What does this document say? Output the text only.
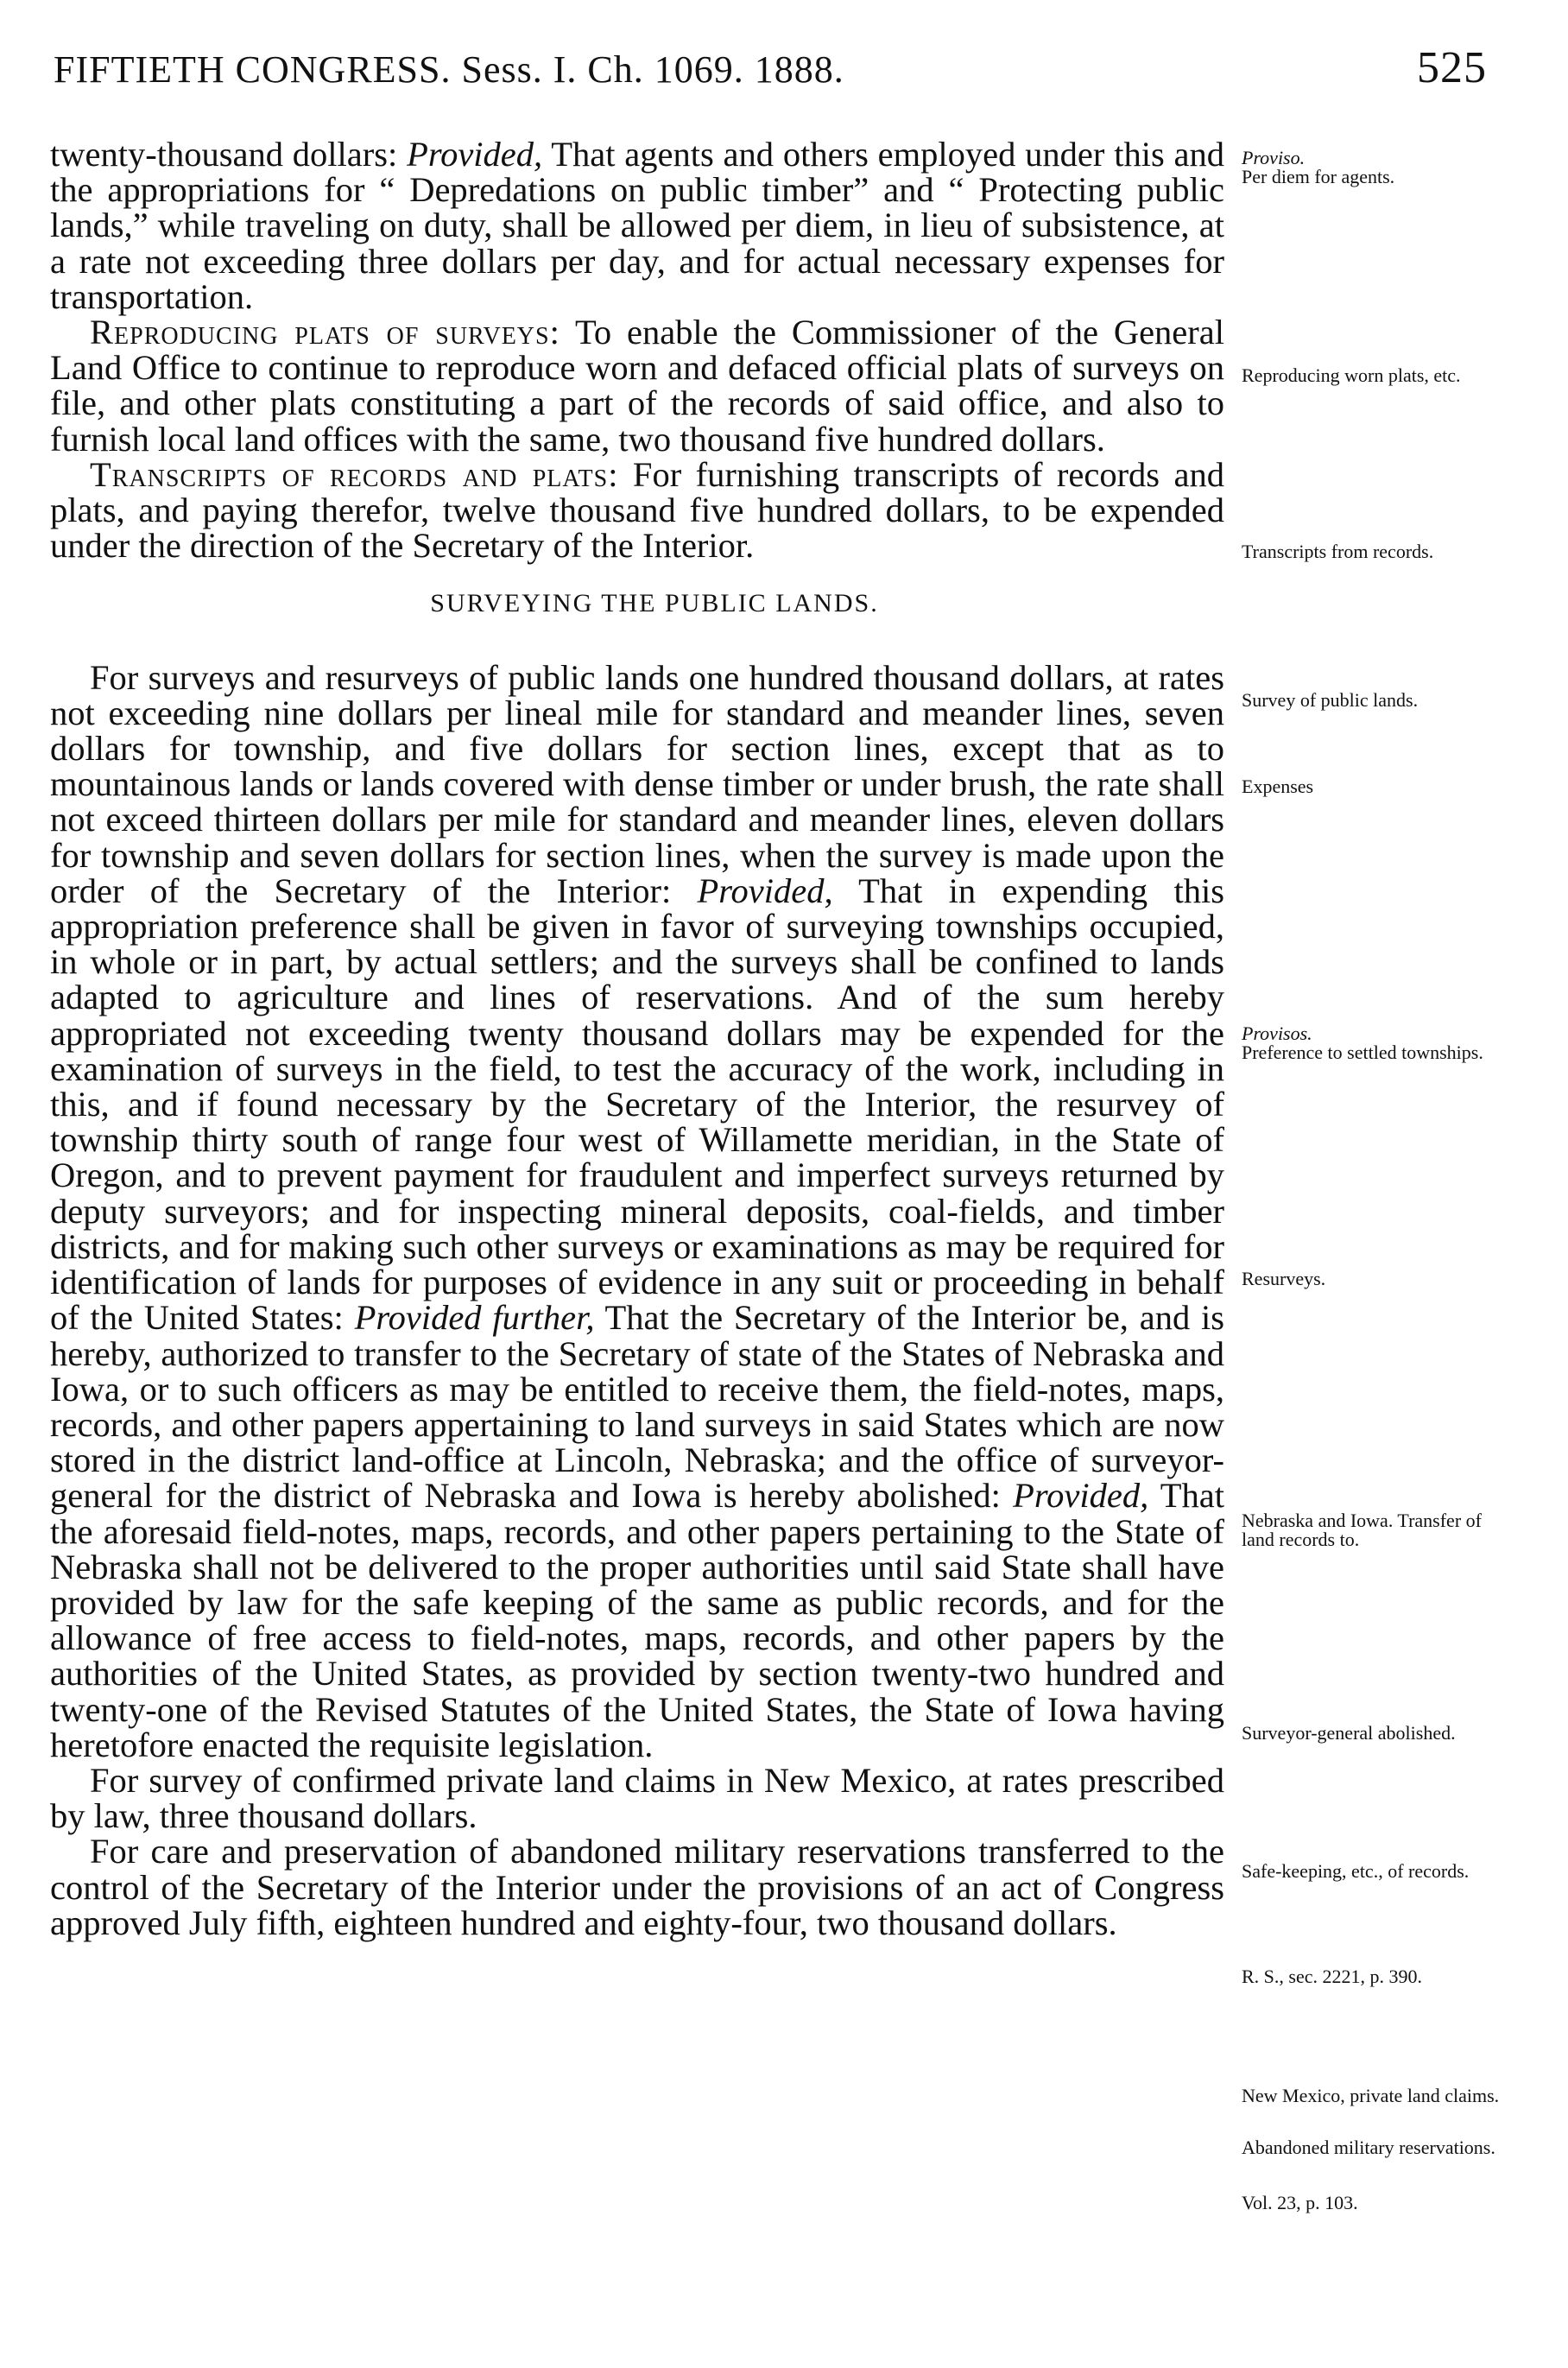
FIFTIETH CONGRESS. Sess. I. Ch. 1069. 1888.	525

twenty-thousand dollars: Provided, That agents and others employed under this and the appropriations for “ Depredations on public timber” and “ Protecting public lands,” while traveling on duty, shall be allowed per diem, in lieu of subsistence, at a rate not exceeding three dollars per day, and for actual necessary expenses for transportation.

Reproducing plats of surveys: To enable the Commissioner of the General Land Office to continue to reproduce worn and defaced official plats of surveys on file, and other plats constituting a part of the records of said office, and also to furnish local land offices with the same, two thousand five hundred dollars.

Transcripts of records and plats: For furnishing transcripts of records and plats, and paying therefor, twelve thousand five hundred dollars, to be expended under the direction of the Secretary of the Interior.

SURVEYING THE PUBLIC LANDS.

For surveys and resurveys of public lands one hundred thousand dollars, at rates not exceeding nine dollars per lineal mile for standard and meander lines, seven dollars for township, and five dollars for section lines, except that as to mountainous lands or lands covered with dense timber or under brush, the rate shall not exceed thirteen dollars per mile for standard and meander lines, eleven dollars for township and seven dollars for section lines, when the survey is made upon the order of the Secretary of the Interior: Provided, That in expending this appropriation preference shall be given in favor of surveying townships occupied, in whole or in part, by actual settlers; and the surveys shall be confined to lands adapted to agriculture and lines of reservations. And of the sum hereby appropriated not exceeding twenty thousand dollars may be expended for the examination of surveys in the field, to test the accuracy of the work, including in this, and if found necessary by the Secretary of the Interior, the resurvey of township thirty south of range four west of Willamette meridian, in the State of Oregon, and to prevent payment for fraudulent and imperfect surveys returned by deputy surveyors; and for inspecting mineral deposits, coal-fields, and timber districts, and for making such other surveys or examinations as may be required for identification of lands for purposes of evidence in any suit or proceeding in behalf of the United States: Provided further, That the Secretary of the Interior be, and is hereby, authorized to transfer to the Secretary of state of the States of Nebraska and Iowa, or to such officers as may be entitled to receive them, the field-notes, maps, records, and other papers appertaining to land surveys in said States which are now stored in the district land-office at Lincoln, Nebraska; and the office of surveyor-general for the district of Nebraska and Iowa is hereby abolished: Provided, That the aforesaid field-notes, maps, records, and other papers pertaining to the State of Nebraska shall not be delivered to the proper authorities until said State shall have provided by law for the safe keeping of the same as public records, and for the allowance of free access to field-notes, maps, records, and other papers by the authorities of the United States, as provided by section twenty-two hundred and twenty-one of the Revised Statutes of the United States, the State of Iowa having heretofore enacted the requisite legislation.

For survey of confirmed private land claims in New Mexico, at rates prescribed by law, three thousand dollars.

For care and preservation of abandoned military reservations transferred to the control of the Secretary of the Interior under the provisions of an act of Congress approved July fifth, eighteen hundred and eighty-four, two thousand dollars.

Proviso.
Per diem for agents.
Reproducing worn plats, etc.
Transcripts from records.
Survey of public lands.
Expenses
Provisos.
Preference to settled townships.
Resurveys.
Nebraska and Iowa. Transfer of land records to.
Surveyor-general abolished.
Safe-keeping, etc., of records.
R. S., sec. 2221, p. 390.
New Mexico, private land claims.
Abandoned military reservations.
Vol. 23, p. 103.
